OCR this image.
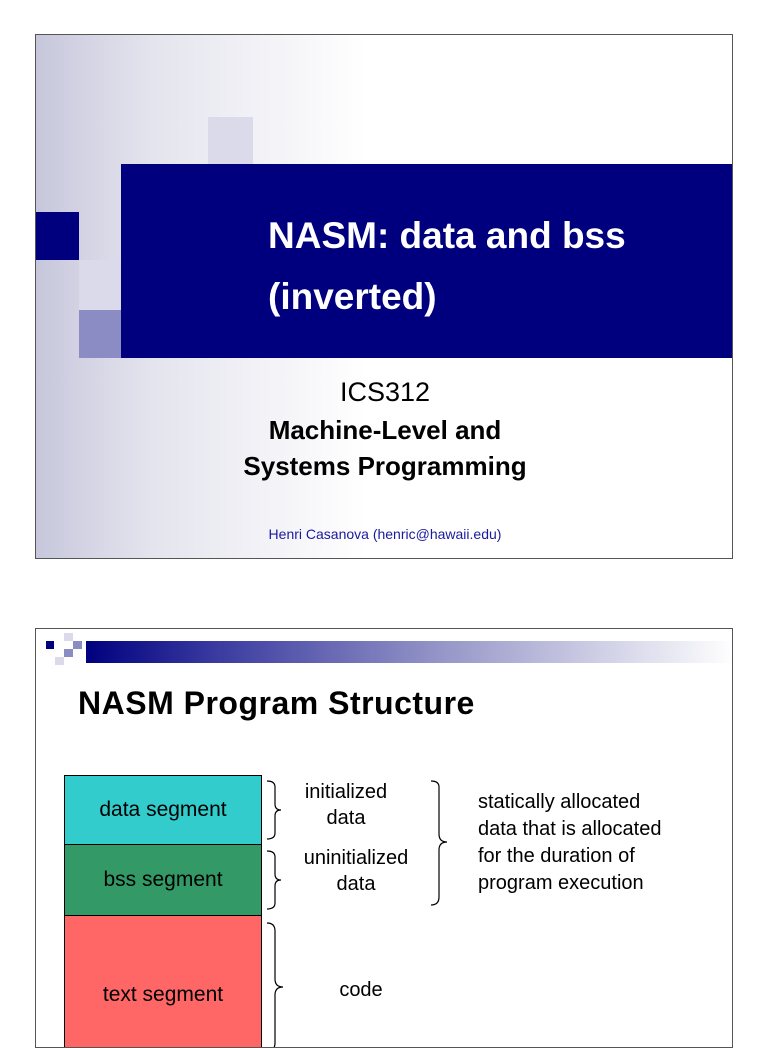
NASM: data and bss
(inverted)
ICS312
Machine-Level and
Systems Programming
Henri Casanova (henric@hawaii.edu)
NASM Program Structure
data segment
bss segment
text segment
initialized
data
uninitialized
data
statically allocated
data that is allocated
for the duration of
program execution
code
